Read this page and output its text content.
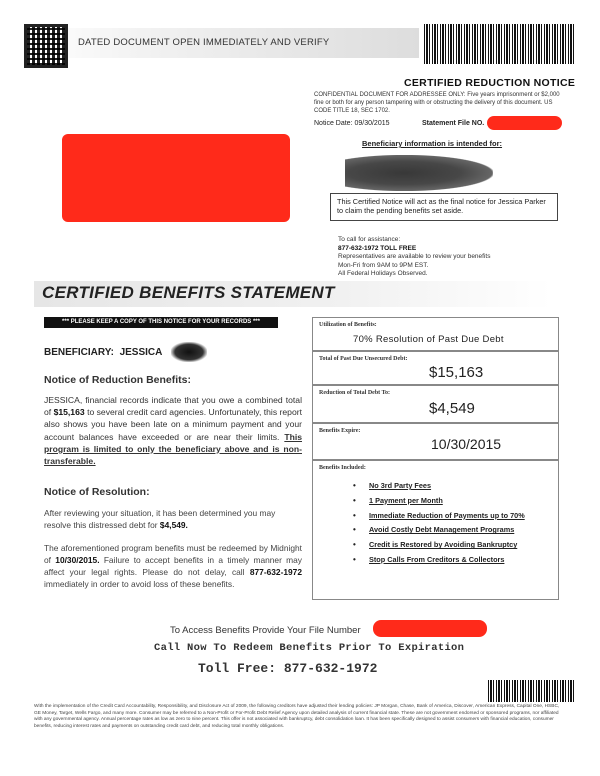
DATED DOCUMENT OPEN IMMEDIATELY AND VERIFY
CERTIFIED REDUCTION NOTICE
CONFIDENTIAL DOCUMENT FOR ADDRESSEE ONLY: Five years imprisonment or $2,000 fine or both for any person tampering with or obstructing the delivery of this document. US CODE TITLE 18, SEC 1702.
Notice Date: 09/30/2015	Statement File NO.
Beneficiary information is intended for:
This Certified Notice will act as the final notice for Jessica Parker to claim the pending benefits set aside.
To call for assistance:
877-632-1972 TOLL FREE
Representatives are available to review your benefits
Mon-Fri from 9AM to 9PM EST.
All Federal Holidays Observed.
CERTIFIED BENEFITS STATEMENT
*** PLEASE KEEP A COPY OF THIS NOTICE FOR YOUR RECORDS ***
BENEFICIARY: JESSICA
Notice of Reduction Benefits:

JESSICA, financial records indicate that you owe a combined total of $15,163 to several credit card agencies. Unfortunately, this report also shows you have been late on a minimum payment and your account balances have exceeded or are near their limits. This program is limited to only the beneficiary above and is non-transferable.

Notice of Resolution:

After reviewing your situation, it has been determined you may resolve this distressed debt for $4,549.

The aforementioned program benefits must be redeemed by Midnight of 10/30/2015. Failure to accept benefits in a timely manner may affect your legal rights. Please do not delay, call 877-632-1972 immediately in order to avoid loss of these benefits.

Utilization of Benefits:
70% Resolution of Past Due Debt
Total of Past Due Unsecured Debt:
$15,163
Reduction of Total Debt To:
$4,549
Benefits Expire:
10/30/2015
Benefits Included:
• No 3rd Party Fees
• 1 Payment per Month
• Immediate Reduction of Payments up to 70%
• Avoid Costly Debt Management Programs
• Credit is Restored by Avoiding Bankruptcy
• Stop Calls From Creditors & Collectors
To Access Benefits Provide Your File Number
Call Now To Redeem Benefits Prior To Expiration
Toll Free: 877-632-1972
With the implementation of the Credit Card Accountability, Responsibility, and Disclosure Act of 2009, the following creditors have adjusted their lending policies: JP Morgan, Chase, Bank of America, Discover, American Express, Capital One, HSBC, GE Money, Target, Wells Fargo, and many more. Consumer may be referred to a Non-Profit or For-Profit Debt Relief Agency upon detailed analysis of current financial state. These are not government endorsed or sponsored programs, nor affiliated with any governmental agency. Annual percentage rates as low as zero to nine percent. This offer is not associated with bankruptcy, debt consolidation loan. It has been specifically designed to assist consumers with financial education, consumer benefits, reducing interest rates and payments on outstanding credit card debt, and reducing total monthly obligations.
